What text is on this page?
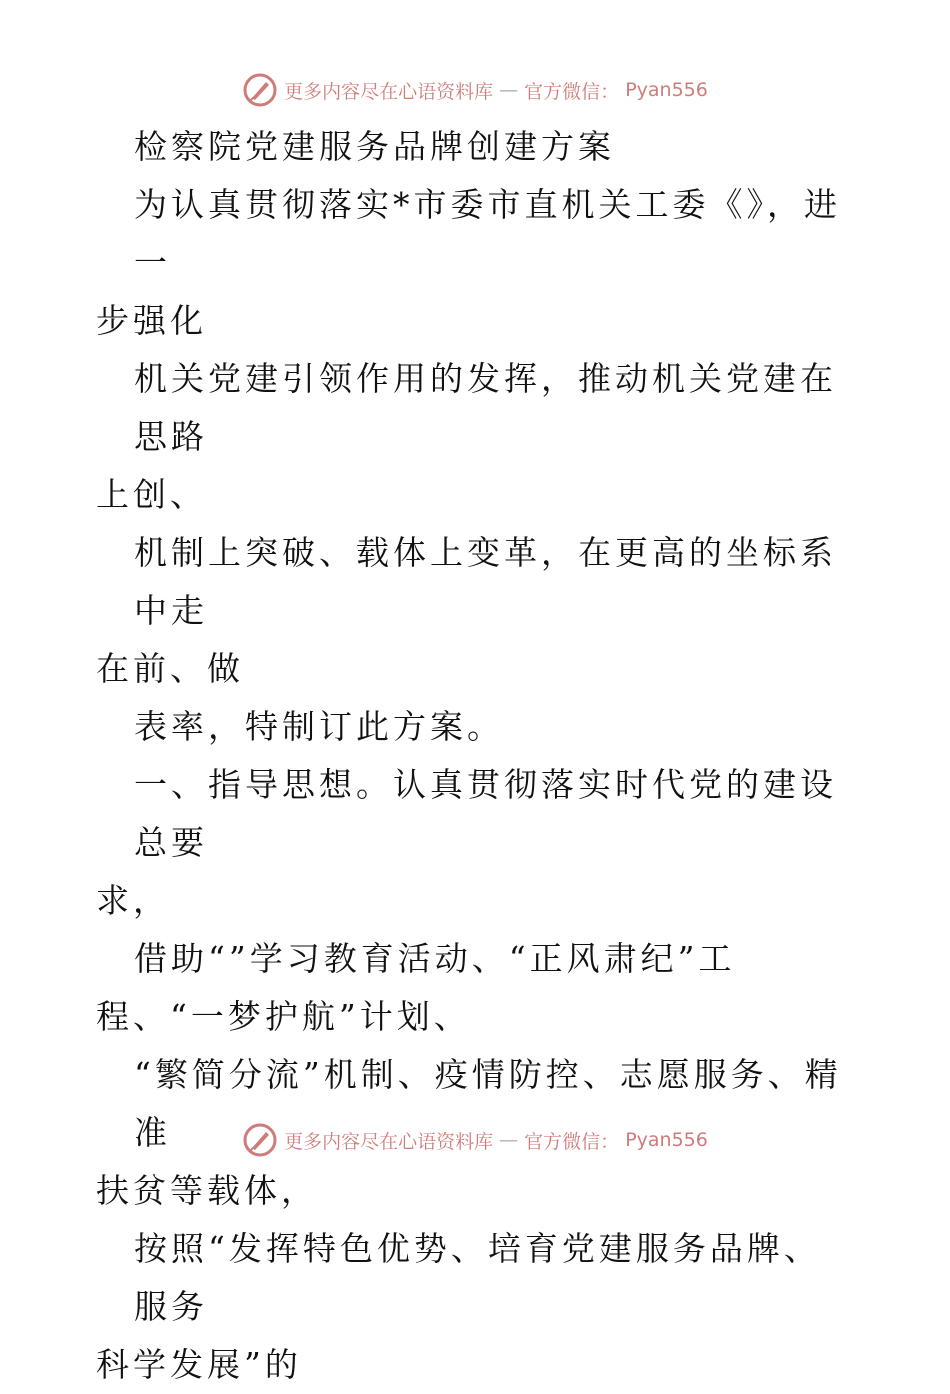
更多内容尽在心语资料库 — 官方微信： Pyan556

检察院党建服务品牌创建方案

为认真贯彻落实*市委市直机关工委《》，进一

步强化

机关党建引领作用的发挥，推动机关党建在思路

上创、

机制上突破、载体上变革，在更高的坐标系中走

在前、做

表率，特制订此方案。

一、指导思想。认真贯彻落实时代党的建设总要

求，

借助“”学习教育活动、“正风肃纪”工

程、“一梦护航”计划、

“繁简分流”机制、疫情防控、志愿服务、精准

扶贫等载体，

按照“发挥特色优势、培育党建服务品牌、服务

科学发展”的

更多内容尽在心语资料库 — 官方微信： Pyan556
